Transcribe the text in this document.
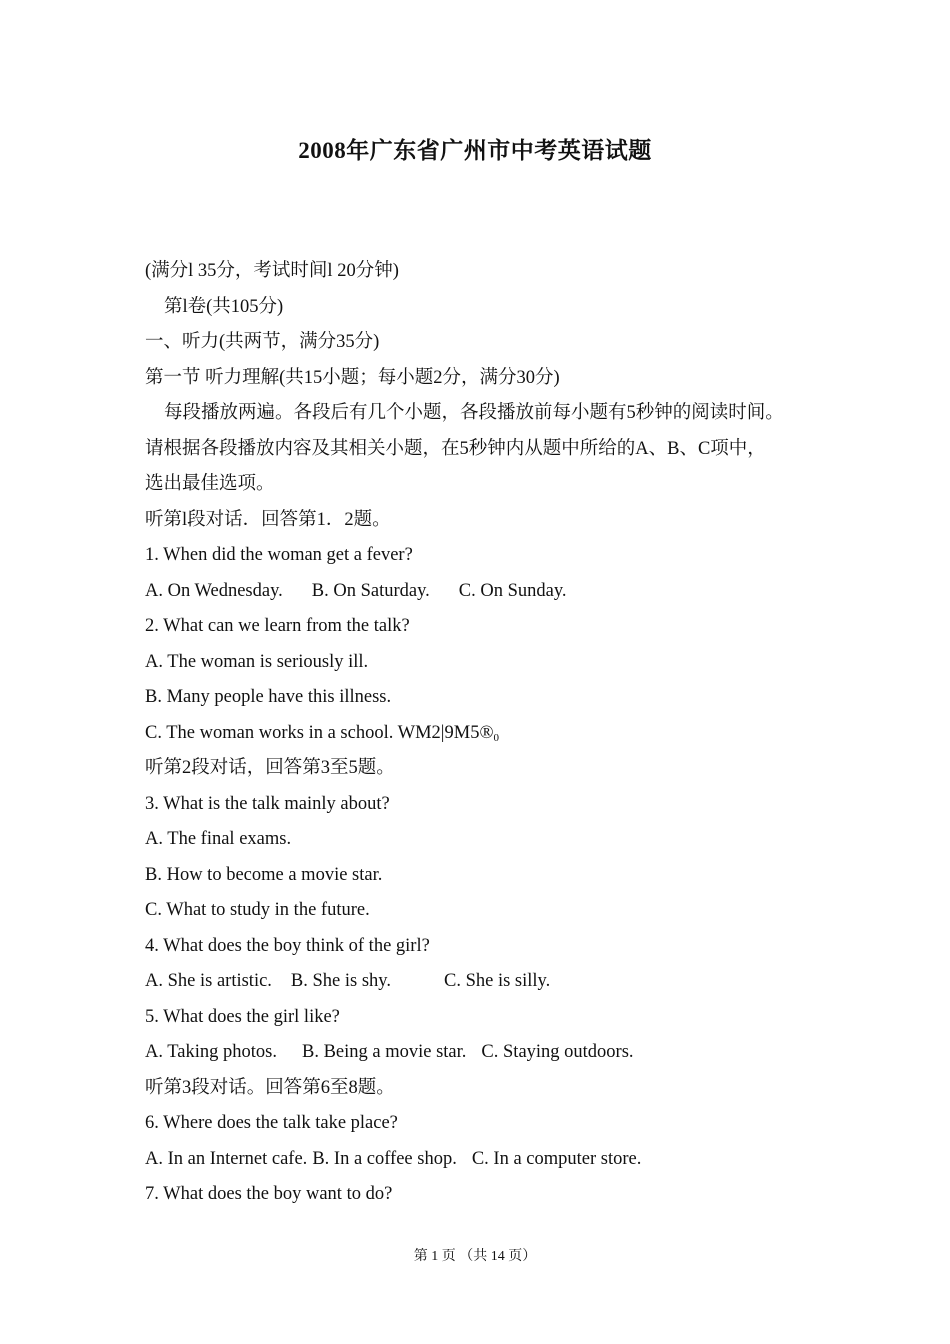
2008年广东省广州市中考英语试题
(满分l 35分，考试时间l 20分钟)
第l卷(共105分)
一、听力(共两节，满分35分)
第一节 听力理解(共15小题；每小题2分，满分30分)
每段播放两遍。各段后有几个小题，各段播放前每小题有5秒钟的阅读时间。
请根据各段播放内容及其相关小题，在5秒钟内从题中所给的A、B、C项中，
选出最佳选项。
听第l段对话．回答第1．2题。
1. When did the woman get a fever?
A. On Wednesday. B. On Saturday. C. On Sunday.
2. What can we learn from the talk?
A. The woman is seriously ill.
B. Many people have this illness.
C. The woman works in a school. $WM2|9M5®_0$
听第2段对话，回答第3至5题。
3. What is the talk mainly about?
A. The final exams.
B. How to become a movie star.
C. What to study in the future.
4. What does the boy think of the girl?
A. She is artistic. B. She is shy.	C. She is silly.
5. What does the girl like?
A. Taking photos. B. Being a movie star. C. Staying outdoors.
听第3段对话。回答第6至8题。
6. Where does the talk take place?
A. In an Internet cafe. B. In a coffee shop. C. In a computer store.
7. What does the boy want to do?
第 1 页 （共 14 页）
